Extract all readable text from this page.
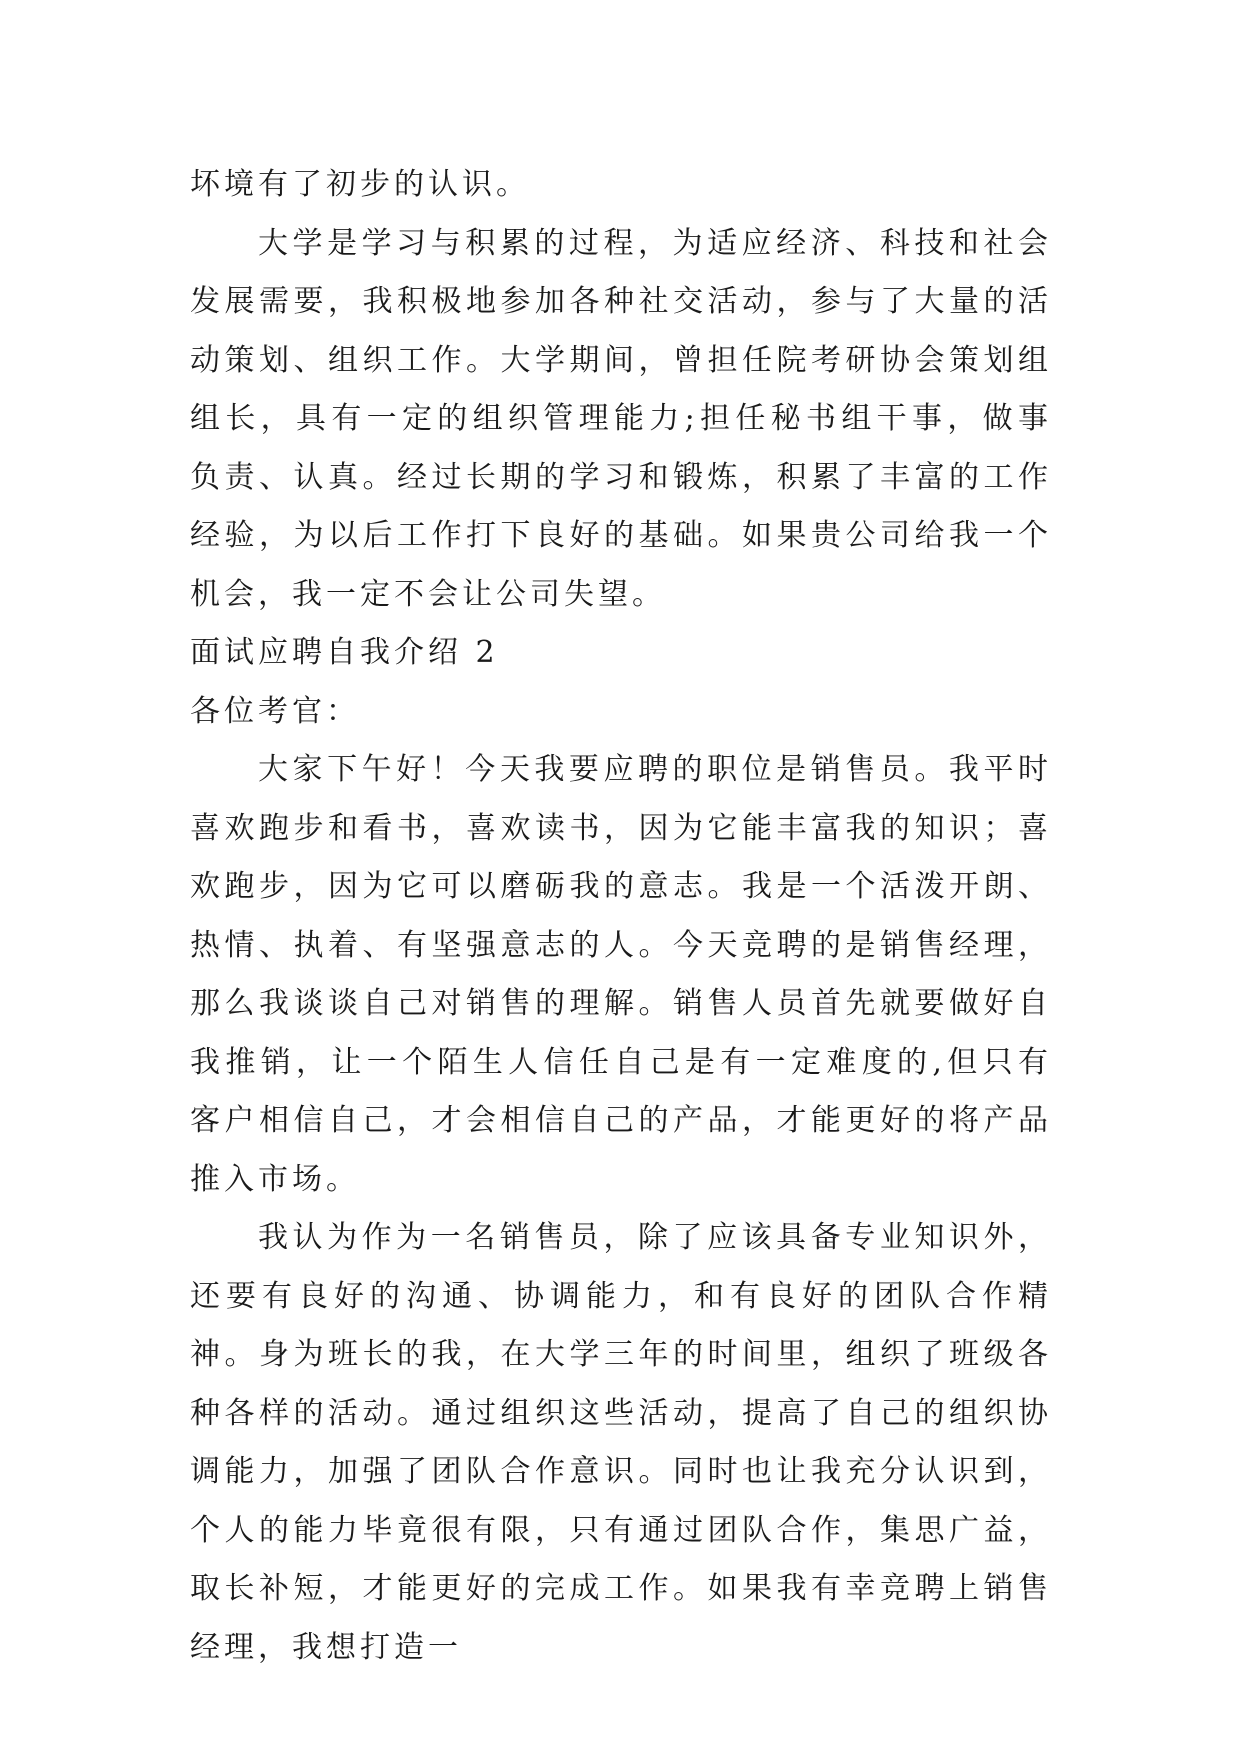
坏境有了初步的认识。

大学是学习与积累的过程，为适应经济、科技和社会发展需要，我积极地参加各种社交活动，参与了大量的活动策划、组织工作。大学期间，曾担任院考研协会策划组组长，具有一定的组织管理能力;担任秘书组干事，做事负责、认真。经过长期的学习和锻炼，积累了丰富的工作经验，为以后工作打下良好的基础。如果贵公司给我一个机会，我一定不会让公司失望。

面试应聘自我介绍 2

各位考官：

大家下午好！今天我要应聘的职位是销售员。我平时喜欢跑步和看书，喜欢读书，因为它能丰富我的知识；喜欢跑步，因为它可以磨砺我的意志。我是一个活泼开朗、热情、执着、有坚强意志的人。今天竞聘的是销售经理，那么我谈谈自己对销售的理解。销售人员首先就要做好自我推销，让一个陌生人信任自己是有一定难度的,但只有客户相信自己，才会相信自己的产品，才能更好的将产品推入市场。

我认为作为一名销售员，除了应该具备专业知识外，还要有良好的沟通、协调能力，和有良好的团队合作精神。身为班长的我，在大学三年的时间里，组织了班级各种各样的活动。通过组织这些活动，提高了自己的组织协调能力，加强了团队合作意识。同时也让我充分认识到，个人的能力毕竟很有限，只有通过团队合作，集思广益，取长补短，才能更好的完成工作。如果我有幸竞聘上销售经理，我想打造一
